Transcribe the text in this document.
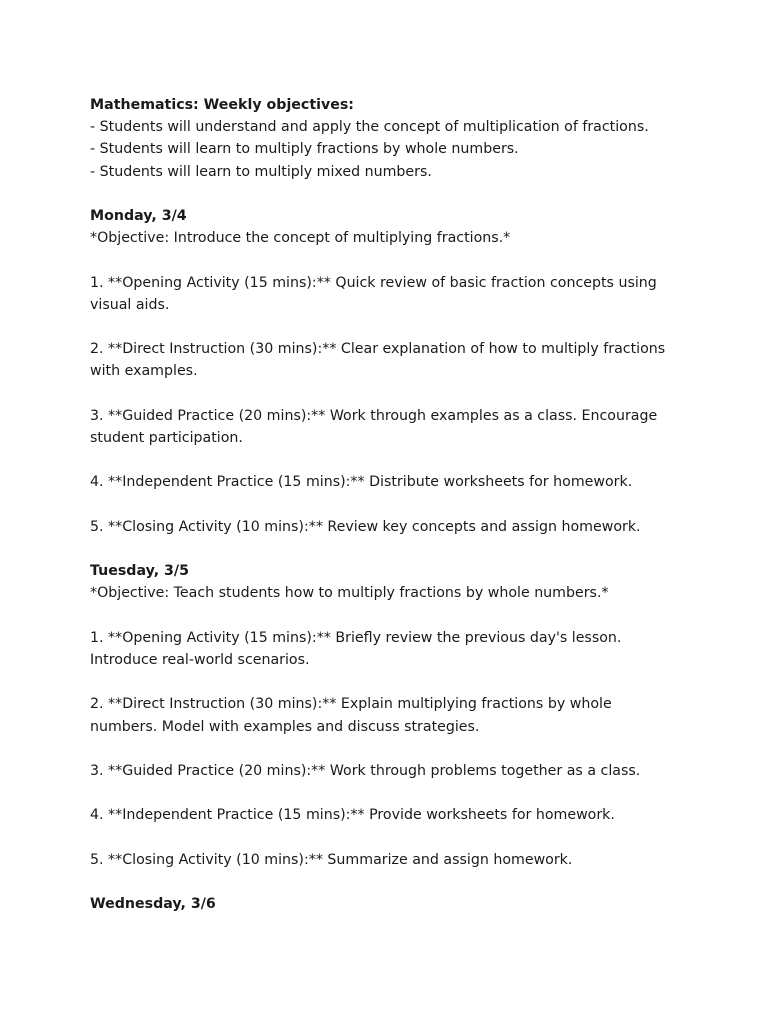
Mathematics: Weekly objectives:

- Students will understand and apply the concept of multiplication of fractions.

- Students will learn to multiply fractions by whole numbers.

- Students will learn to multiply mixed numbers.

Monday, 3/4

*Objective: Introduce the concept of multiplying fractions.*

1. **Opening Activity (15 mins):** Quick review of basic fraction concepts using visual aids.

2. **Direct Instruction (30 mins):** Clear explanation of how to multiply fractions with examples.

3. **Guided Practice (20 mins):** Work through examples as a class. Encourage student participation.

4. **Independent Practice (15 mins):** Distribute worksheets for homework.

5. **Closing Activity (10 mins):** Review key concepts and assign homework.

Tuesday, 3/5

*Objective: Teach students how to multiply fractions by whole numbers.*

1. **Opening Activity (15 mins):** Briefly review the previous day's lesson. Introduce real-world scenarios.

2. **Direct Instruction (30 mins):** Explain multiplying fractions by whole numbers. Model with examples and discuss strategies.

3. **Guided Practice (20 mins):** Work through problems together as a class.

4. **Independent Practice (15 mins):** Provide worksheets for homework.

5. **Closing Activity (10 mins):** Summarize and assign homework.

Wednesday, 3/6
